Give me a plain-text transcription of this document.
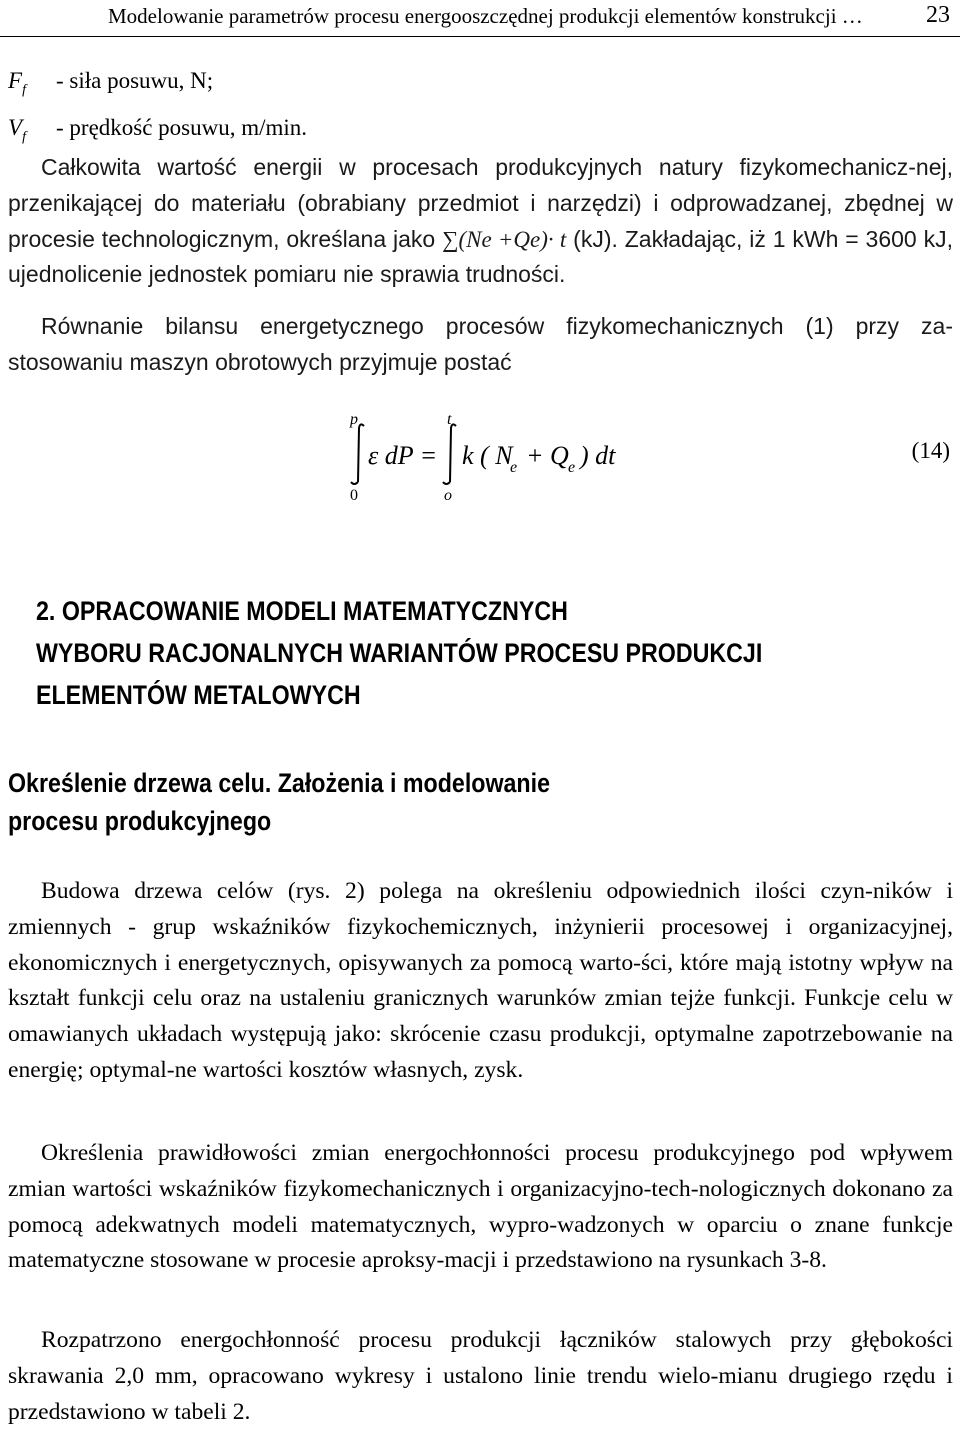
Modelowanie parametrów procesu energooszczędnej produkcji elementów konstrukcji …	23
$F_f$ - siła posuwu, N;
$V_f$ - prędkość posuwu, m/min.
Całkowita wartość energii w procesach produkcyjnych natury fizykomechanicz-nej, przenikającej do materiału (obrabiany przedmiot i narzędzi) i odprowadzanej, zbędnej w procesie technologicznym, określana jako ∑(Ne +Qe)· t (kJ). Zakładając, iż 1 kWh = 3600 kJ, ujednolicenie jednostek pomiaru nie sprawia trudności.
Równanie bilansu energetycznego procesów fizykomechanicznych (1) przy za-stosowaniu maszyn obrotowych przyjmuje postać
p
0
t
o
ε dP = k ( N
e + Q e ) dt	(14)
2. OPRACOWANIE MODELI MATEMATYCZNYCH
WYBORU RACJONALNYCH WARIANTÓW PROCESU PRODUKCJI
ELEMENTÓW METALOWYCH
Określenie drzewa celu. Założenia i modelowanie
procesu produkcyjnego
Budowa drzewa celów (rys. 2) polega na określeniu odpowiednich ilości czyn-ników i zmiennych - grup wskaźników fizykochemicznych, inżynierii procesowej i organizacyjnej, ekonomicznych i energetycznych, opisywanych za pomocą warto-ści, które mają istotny wpływ na kształt funkcji celu oraz na ustaleniu granicznych warunków zmian tejże funkcji. Funkcje celu w omawianych układach występują jako: skrócenie czasu produkcji, optymalne zapotrzebowanie na energię; optymal-ne wartości kosztów własnych, zysk.
Określenia prawidłowości zmian energochłonności procesu produkcyjnego pod wpływem zmian wartości wskaźników fizykomechanicznych i organizacyjno-tech-nologicznych dokonano za pomocą adekwatnych modeli matematycznych, wypro-wadzonych w oparciu o znane funkcje matematyczne stosowane w procesie aproksy-macji i przedstawiono na rysunkach 3-8.
Rozpatrzono energochłonność procesu produkcji łączników stalowych przy głębokości skrawania 2,0 mm, opracowano wykresy i ustalono linie trendu wielo-mianu drugiego rzędu i przedstawiono w tabeli 2.
